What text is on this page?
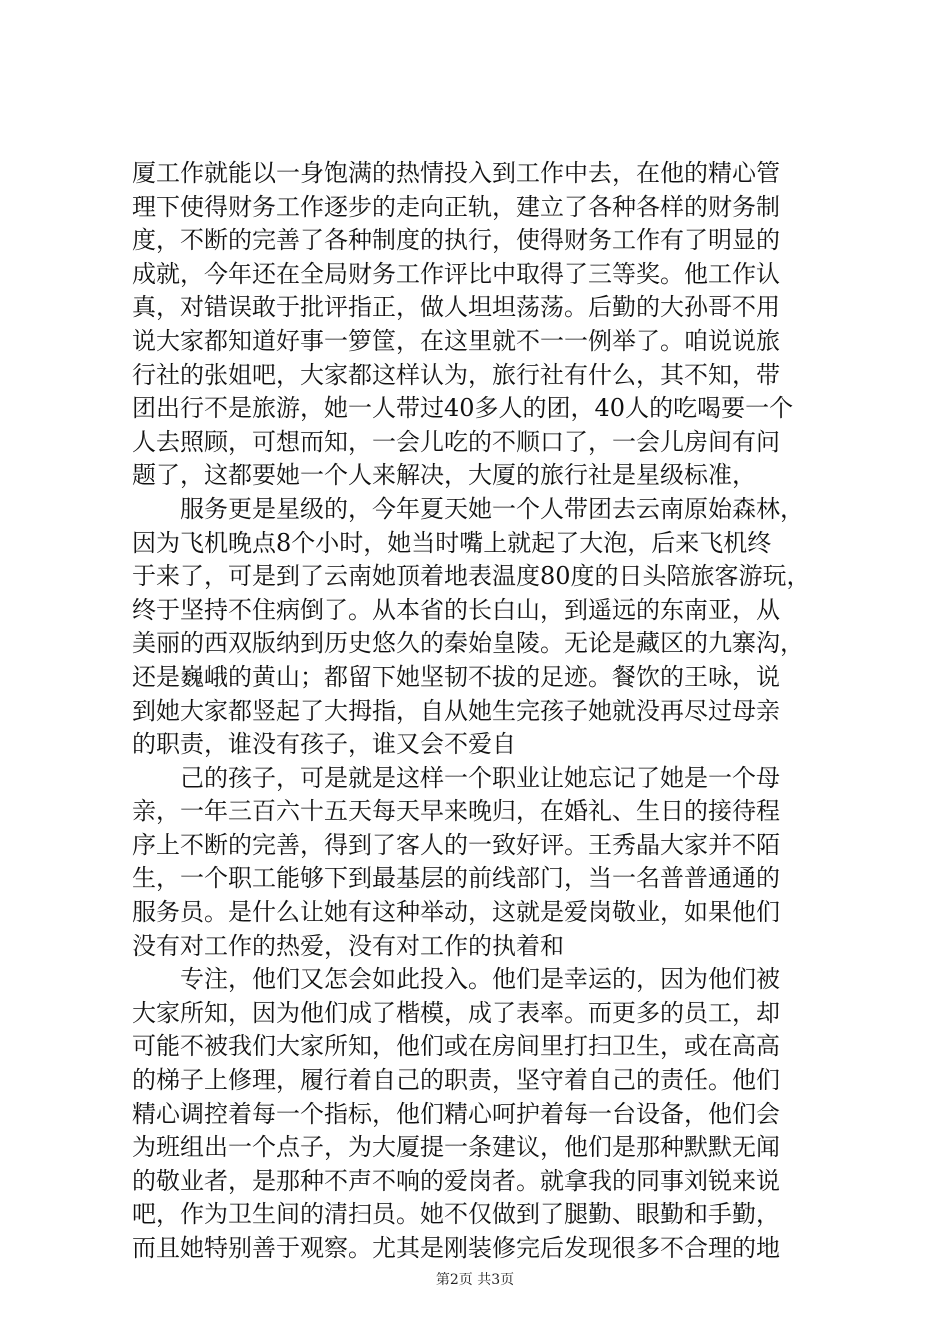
厦工作就能以一身饱满的热情投入到工作中去，在他的精心管
理下使得财务工作逐步的走向正轨，建立了各种各样的财务制
度，不断的完善了各种制度的执行，使得财务工作有了明显的
成就，今年还在全局财务工作评比中取得了三等奖。他工作认
真，对错误敢于批评指正，做人坦坦荡荡。后勤的大孙哥不用
说大家都知道好事一箩筐，在这里就不一一例举了。咱说说旅
行社的张姐吧，大家都这样认为，旅行社有什么，其不知，带
团出行不是旅游，她一人带过40多人的团，40人的吃喝要一个
人去照顾，可想而知，一会儿吃的不顺口了，一会儿房间有问
题了，这都要她一个人来解决，大厦的旅行社是星级标准，
　　服务更是星级的，今年夏天她一个人带团去云南原始森林，
因为飞机晚点8个小时，她当时嘴上就起了大泡，后来飞机终
于来了，可是到了云南她顶着地表温度80度的日头陪旅客游玩，
终于坚持不住病倒了。从本省的长白山，到遥远的东南亚，从
美丽的西双版纳到历史悠久的秦始皇陵。无论是藏区的九寨沟，
还是巍峨的黄山；都留下她坚韧不拔的足迹。餐饮的王咏，说
到她大家都竖起了大拇指，自从她生完孩子她就没再尽过母亲
的职责，谁没有孩子，谁又会不爱自
　　己的孩子，可是就是这样一个职业让她忘记了她是一个母
亲，一年三百六十五天每天早来晚归，在婚礼、生日的接待程
序上不断的完善，得到了客人的一致好评。王秀晶大家并不陌
生，一个职工能够下到最基层的前线部门，当一名普普通通的
服务员。是什么让她有这种举动，这就是爱岗敬业，如果他们
没有对工作的热爱，没有对工作的执着和
　　专注，他们又怎会如此投入。他们是幸运的，因为他们被
大家所知，因为他们成了楷模，成了表率。而更多的员工，却
可能不被我们大家所知，他们或在房间里打扫卫生，或在高高
的梯子上修理，履行着自己的职责，坚守着自己的责任。他们
精心调控着每一个指标，他们精心呵护着每一台设备，他们会
为班组出一个点子，为大厦提一条建议，他们是那种默默无闻
的敬业者，是那种不声不响的爱岗者。就拿我的同事刘锐来说
吧，作为卫生间的清扫员。她不仅做到了腿勤、眼勤和手勤，
而且她特别善于观察。尤其是刚装修完后发现很多不合理的地
第2页 共3页
